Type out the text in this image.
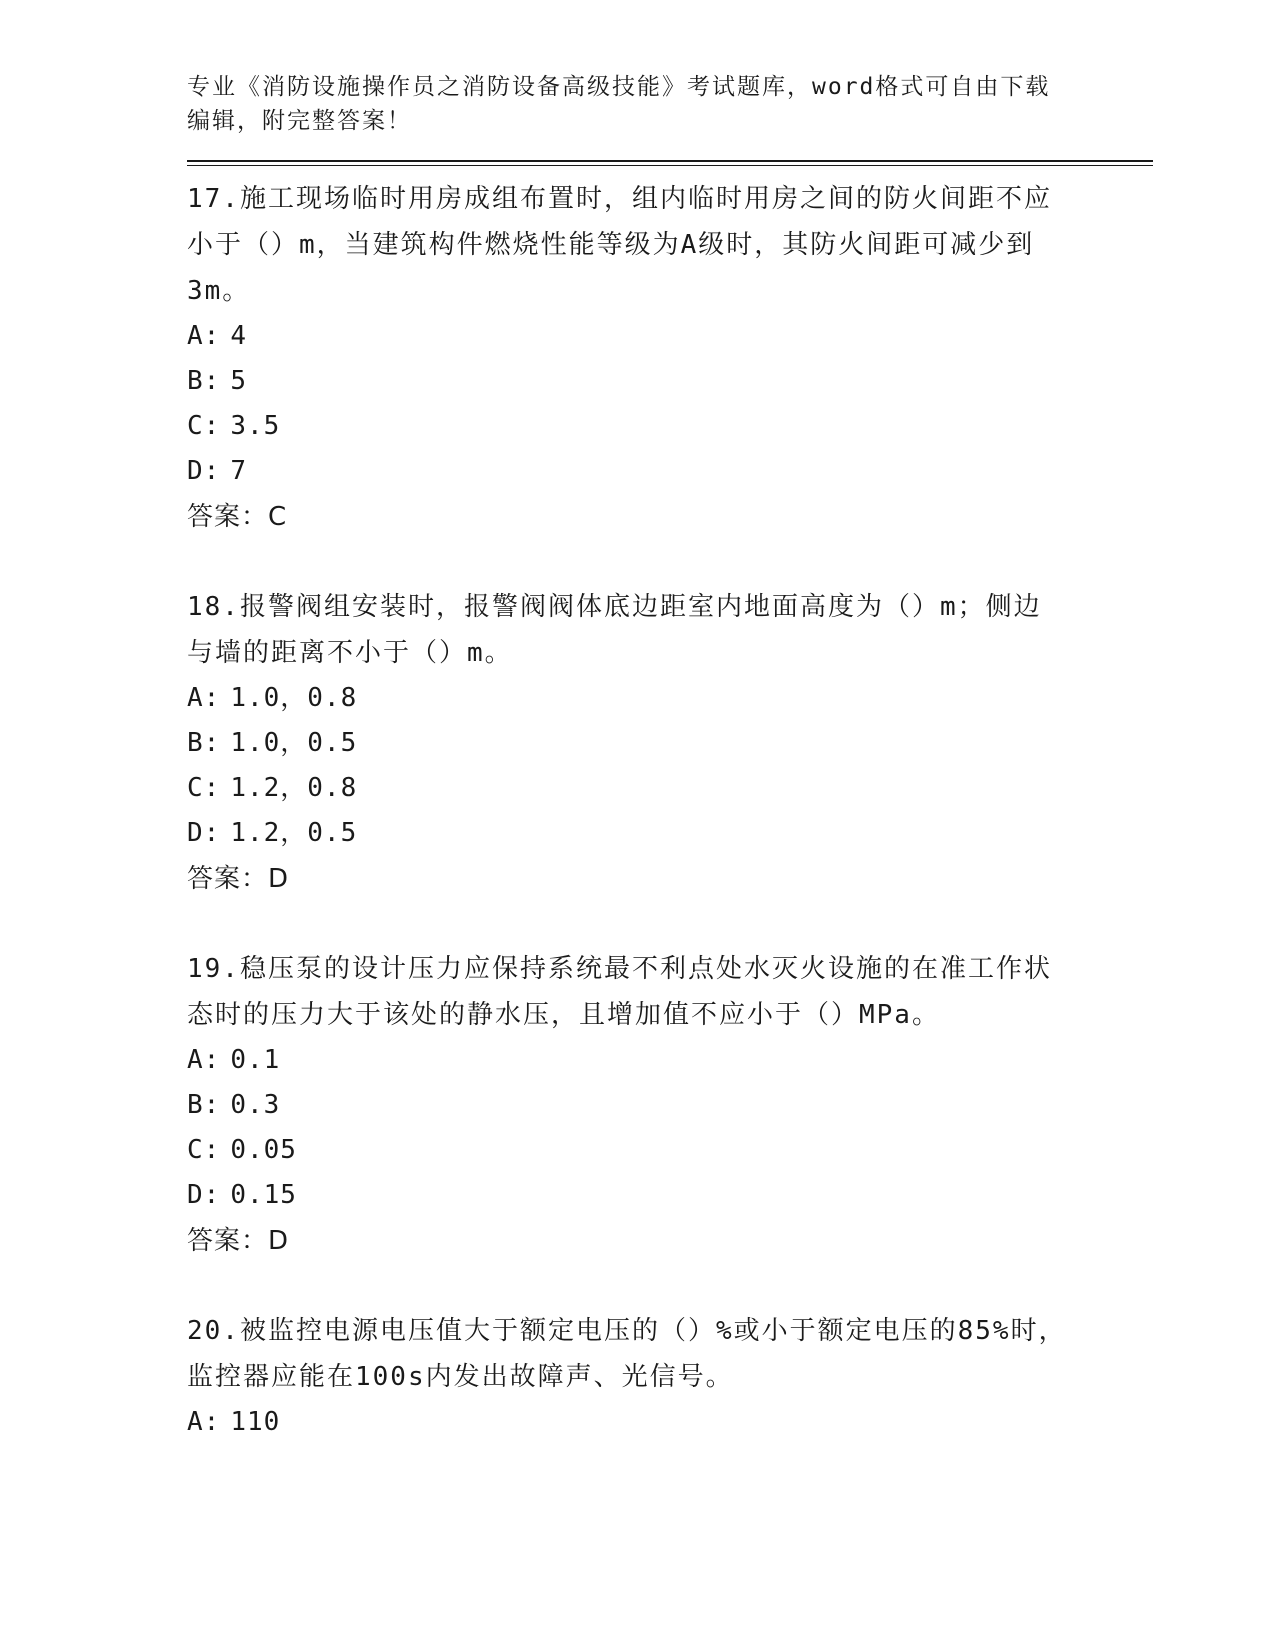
专业《消防设施操作员之消防设备高级技能》考试题库，word格式可自由下载编辑，附完整答案！

17.施工现场临时用房成组布置时，组内临时用房之间的防火间距不应小于（）m，当建筑构件燃烧性能等级为A级时，其防火间距可减少到3m。

A: 4
B: 5
C: 3.5
D: 7

答案：C

18.报警阀组安装时，报警阀阀体底边距室内地面高度为（）m；侧边与墙的距离不小于（）m。

A: 1.0，0.8
B: 1.0，0.5
C: 1.2，0.8
D: 1.2，0.5

答案：D

19.稳压泵的设计压力应保持系统最不利点处水灭火设施的在准工作状态时的压力大于该处的静水压，且增加值不应小于（）MPa。

A: 0.1
B: 0.3
C: 0.05
D: 0.15

答案：D

20.被监控电源电压值大于额定电压的（）%或小于额定电压的85%时，监控器应能在100s内发出故障声、光信号。

A: 110
